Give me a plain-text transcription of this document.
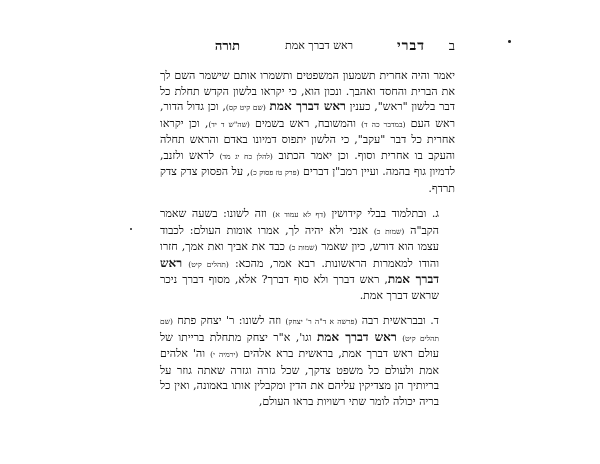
ב
דברי
ראש דברך אמת
תורה

יאמר והיה אחרית תשמעון המשפטים ותשמרו אותם שישמר השם לך את הברית והחסד ואהבך. ונכון הוא, כי יקראו בלשון הקדש תחלת כל דבר בלשון "ראש", כענין ראש דברך אמת (שם קיט קס), וכן גדול הדור, ראש העם (במדבר כה ד) והמשובח, ראש בשמים (שה"ש ד יד), וכן יקראו אחרית כל דבר "עקב", כי הלשון יתפוס דמיונו באדם והראש תחלה והעקב בו אחרית וסוף. וכן יאמר הכתוב (להלן כח יג מד) לראש ולזנב, לדמיון גוף בהמה. ועיין רמב"ן דברים (פרק טז פסוק כ), על הפסוק צדק צדק תרדף.

ג. ובתלמוד בבלי קידושין (דף לא עמוד א) וזה לשונו: בשעה שאמר הקב"ה (שמות כ) אנכי ולא יהיה לך, אמרו אומות העולם: לכבוד עצמו הוא דורש, כיון שאמר (שמות כ) כבד את אביך ואת אמך, חזרו והודו למאמרות הראשונות. רבא אמר, מהכא: (תהלים קיט) ראש דברך אמת, ראש דברך ולא סוף דברך? אלא, מסוף דברך ניכר שראש דברך אמת.

ד. ובבראשית רבה (פרשה א ד"ה ר' יצחק) וזה לשונו: ר' יצחק פתח (שם תהלים קיט) ראש דברך אמת וגו', א"ר יצחק מתחלת ברייתו של עולם ראש דברך אמת, בראשית ברא אלהים (ירמיה י) וה' אלהים אמת ולעולם כל משפט צדקך, שכל גזרה וגזרה שאתה גוזר על בריותיך הן מצדיקין עליהם את הדין ומקבלין אותו באמונה, ואין כל בריה יכולה לומר שתי רשויות בראו העולם,
